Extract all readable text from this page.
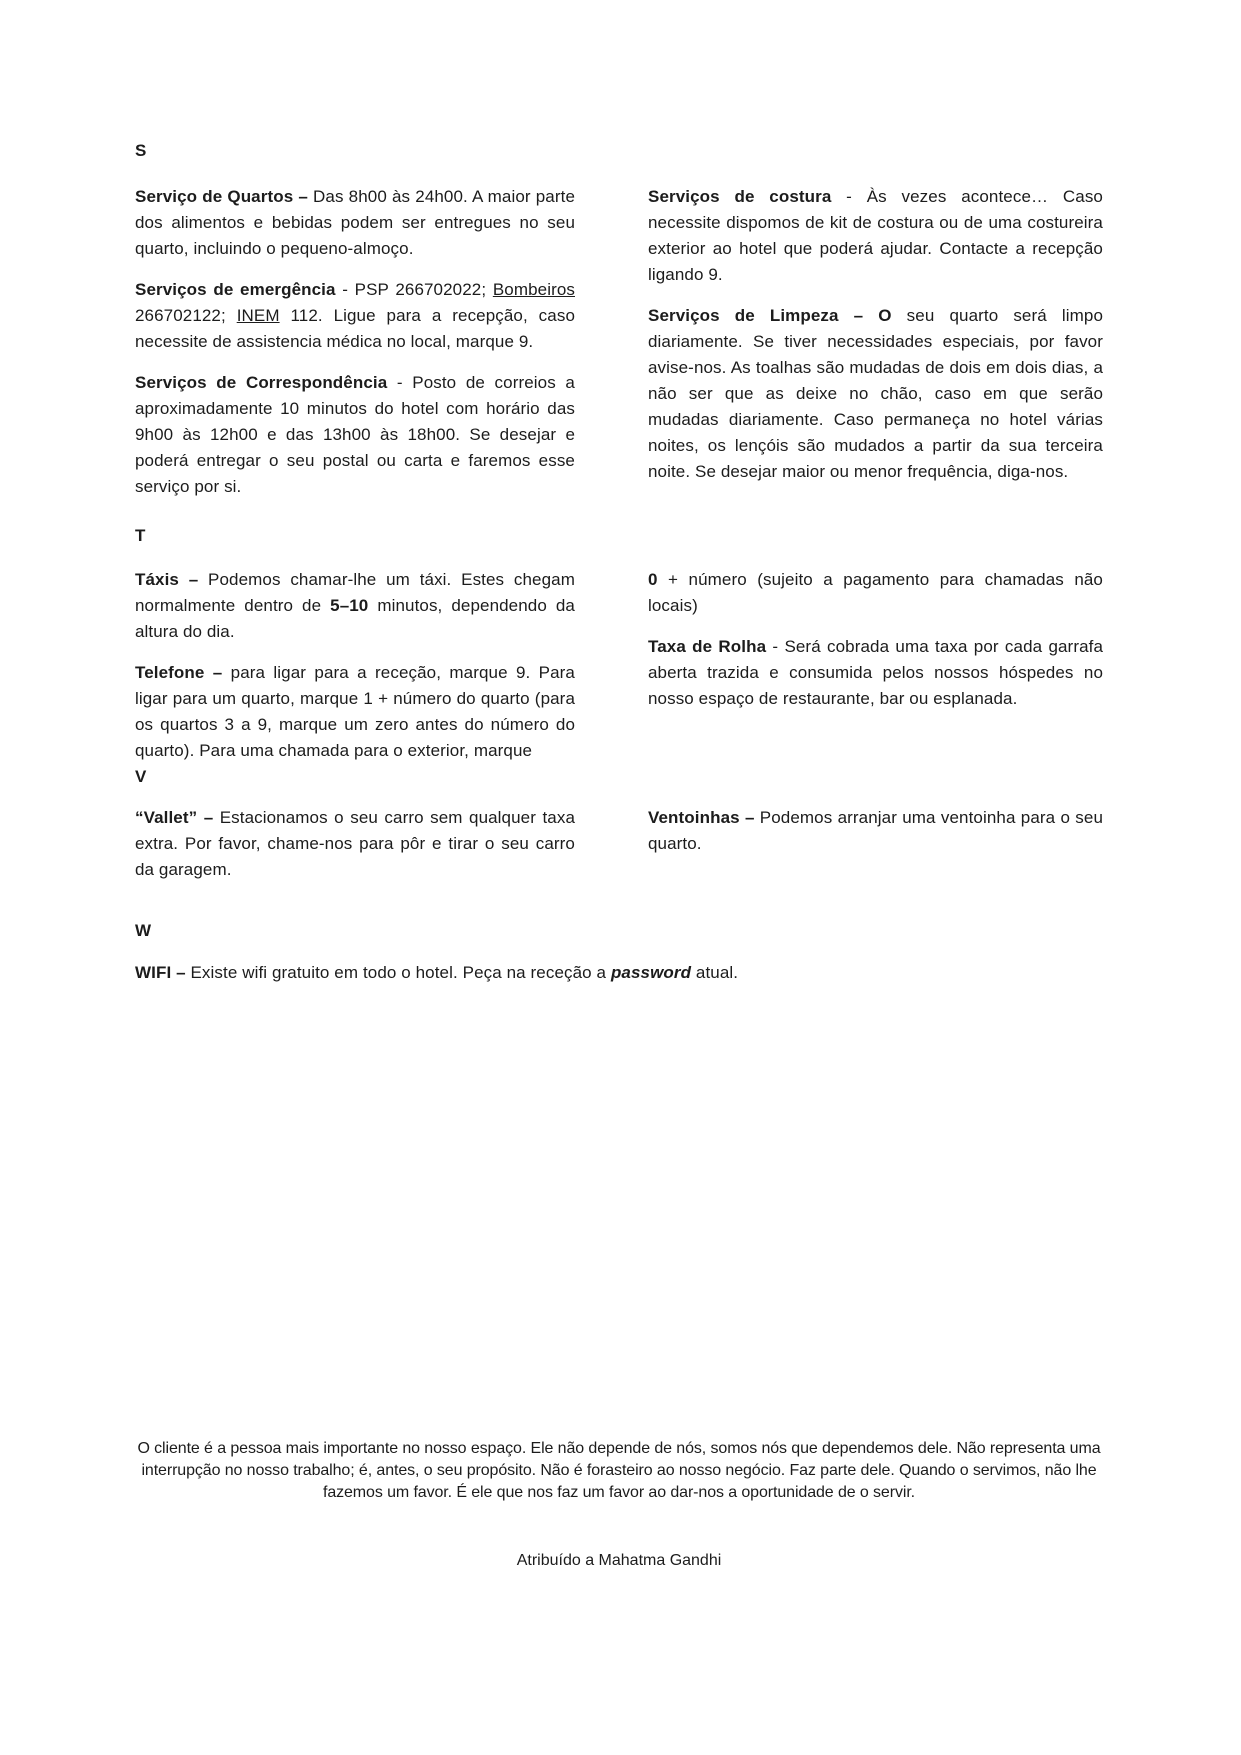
S

Serviço de Quartos – Das 8h00 às 24h00. A maior parte dos alimentos e bebidas podem ser entregues no seu quarto, incluindo o pequeno-almoço.

Serviços de emergência - PSP 266702022; Bombeiros 266702122; INEM 112. Ligue para a recepção, caso necessite de assistencia médica no local, marque 9.

Serviços de Correspondência - Posto de correios a aproximadamente 10 minutos do hotel com horário das 9h00 às 12h00 e das 13h00 às 18h00. Se desejar e poderá entregar o seu postal ou carta e faremos esse serviço por si.

Serviços de costura - Às vezes acontece… Caso necessite dispomos de kit de costura ou de uma costureira exterior ao hotel que poderá ajudar. Contacte a recepção ligando 9.

Serviços de Limpeza – O seu quarto será limpo diariamente. Se tiver necessidades especiais, por favor avise-nos. As toalhas são mudadas de dois em dois dias, a não ser que as deixe no chão, caso em que serão mudadas diariamente. Caso permaneça no hotel várias noites, os lençóis são mudados a partir da sua terceira noite. Se desejar maior ou menor frequência, diga-nos.

T

Táxis – Podemos chamar-lhe um táxi. Estes chegam normalmente dentro de 5–10 minutos, dependendo da altura do dia.

Telefone – para ligar para a receção, marque 9. Para ligar para um quarto, marque 1 + número do quarto (para os quartos 3 a 9, marque um zero antes do número do quarto). Para uma chamada para o exterior, marque

V

0 + número (sujeito a pagamento para chamadas não locais)

Taxa de Rolha - Será cobrada uma taxa por cada garrafa aberta trazida e consumida pelos nossos hóspedes no nosso espaço de restaurante, bar ou esplanada.

“Vallet” – Estacionamos o seu carro sem qualquer taxa extra. Por favor, chame-nos para pôr e tirar o seu carro da garagem.

Ventoinhas – Podemos arranjar uma ventoinha para o seu quarto.

W

WIFI – Existe wifi gratuito em todo o hotel. Peça na receção a password atual.

O cliente é a pessoa mais importante no nosso espaço. Ele não depende de nós, somos nós que dependemos dele. Não representa uma interrupção no nosso trabalho; é, antes, o seu propósito. Não é forasteiro ao nosso negócio. Faz parte dele. Quando o servimos, não lhe fazemos um favor. É ele que nos faz um favor ao dar-nos a oportunidade de o servir.

Atribuído a Mahatma Gandhi
